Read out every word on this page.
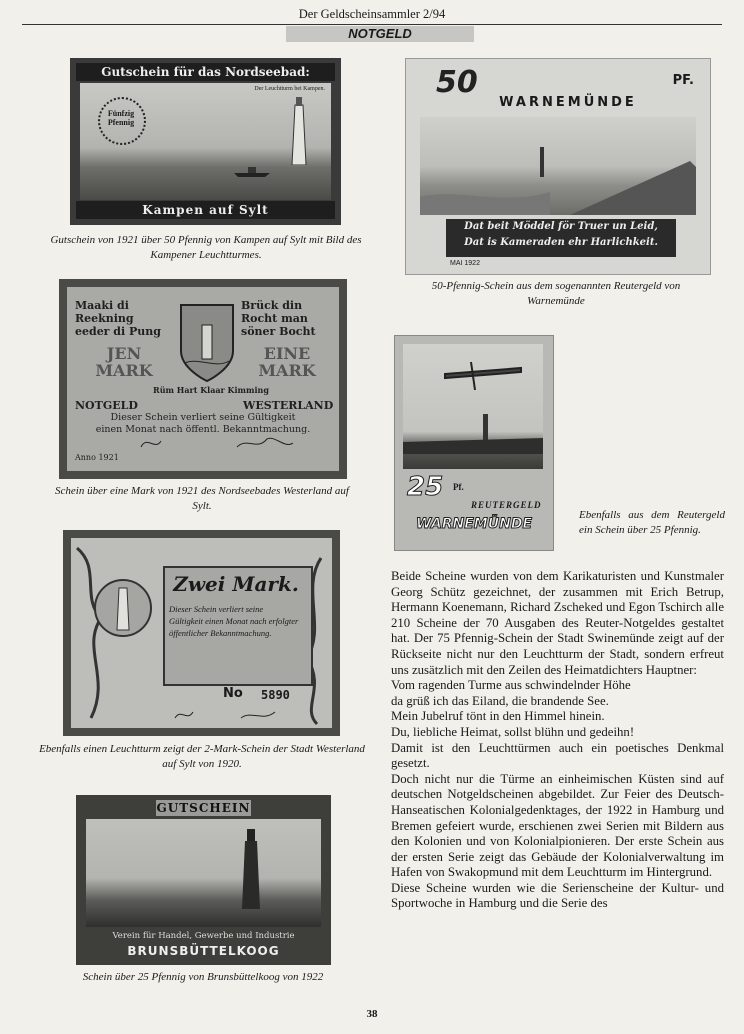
Der Geldscheinsammler 2/94
NOTGELD
Gutschein für das Nordseebad:
Der Leuchtturm bei Kampen.
Fünfzig Pfennig
Kampen auf Sylt
Gutschein von 1921 über 50 Pfennig von Kampen auf Sylt mit Bild des Kampener Leuchtturmes.
50	PF.
WARNEMÜNDE
Dat beit Möddel för Truer un Leid,
Dat is Kameraden ehr Harlichkeit.
MAI 1922
50-Pfennig-Schein aus dem sogenannten Reutergeld von Warnemünde
Maaki di
Reekning
eeder di Pung
Brück din
Rocht man
söner Bocht
JEN MARK
EINE MARK
Rüm Hart Klaar Kimming
NOTGELD	WESTERLAND
Dieser Schein verliert seine Gültigkeit
einen Monat nach öffentl. Bekanntmachung.
Anno 1921
Schein über eine Mark von 1921 des Nordseebades Westerland auf Sylt.
25 Pf.
REUTERGELD
WARNEMÜNDE
Ebenfalls aus dem Reutergeld ein Schein über 25 Pfennig.
Zwei Mark.
Dieser Schein verliert seine
Gültigkeit einen Monat nach erfolgter
öffentlicher Bekanntmachung.
No 5890
Ebenfalls einen Leuchtturm zeigt der 2-Mark-Schein der Stadt Westerland auf Sylt von 1920.
GUTSCHEIN
Verein für Handel, Gewerbe und Industrie
BRUNSBÜTTELKOOG
Schein über 25 Pfennig von Brunsbüttelkoog von 1922

Beide Scheine wurden von dem Karikaturisten und Kunstmaler Georg Schütz gezeichnet, der zusammen mit Erich Betrup, Hermann Koenemann, Richard Zscheked und Egon Tschirch alle 210 Scheine der 70 Ausgaben des Reuter-Notgeldes gestaltet hat. Der 75 Pfennig-Schein der Stadt Swinemünde zeigt auf der Rückseite nicht nur den Leuchtturm der Stadt, sondern erfreut uns zusätzlich mit den Zeilen des Heimatdichters Hauptner:

Vom ragenden Turme aus schwindelnder Höhe

da grüß ich das Eiland, die brandende See.

Mein Jubelruf tönt in den Himmel hinein.

Du, liebliche Heimat, sollst blühn und gedeihn!

Damit ist den Leuchttürmen auch ein poetisches Denkmal gesetzt.

Doch nicht nur die Türme an einheimischen Küsten sind auf deutschen Notgeldscheinen abgebildet. Zur Feier des Deutsch-Hanseatischen Kolonialgedenktages, der 1922 in Hamburg und Bremen gefeiert wurde, erschienen zwei Serien mit Bildern aus den Kolonien und von Kolonialpionieren. Der erste Schein aus der ersten Serie zeigt das Gebäude der Kolonialverwaltung im Hafen von Swakopmund mit dem Leuchtturm im Hintergrund.

Diese Scheine wurden wie die Serienscheine der Kultur- und Sportwoche in Hamburg und die Serie des

38
